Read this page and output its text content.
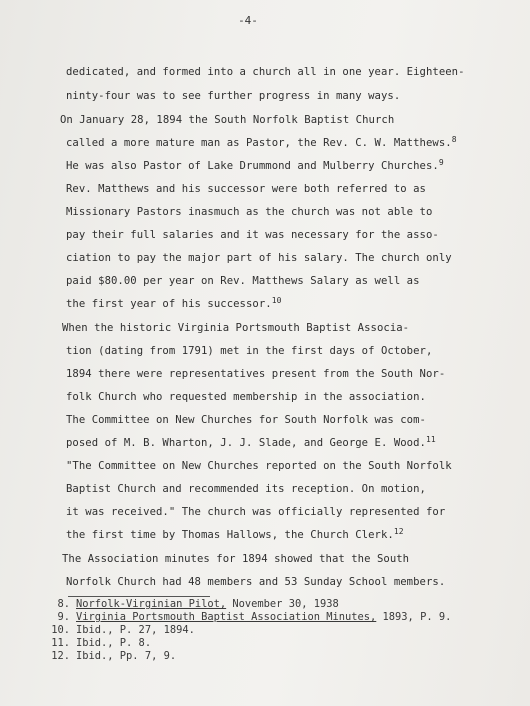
-4-
dedicated, and formed into a church all in one year. Eighteen-
ninty-four was to see further progress in many ways.
On January 28, 1894 the South Norfolk Baptist Church
called a more mature man as Pastor, the Rev. C. W. Matthews.$^8$
He was also Pastor of Lake Drummond and Mulberry Churches.$^9$
Rev. Matthews and his successor were both referred to as
Missionary Pastors inasmuch as the church was not able to
pay their full salaries and it was necessary for the asso-
ciation to pay the major part of his salary. The church only
paid $80.00 per year on Rev. Matthews Salary as well as
the first year of his successor.$^{10}$
When the historic Virginia Portsmouth Baptist Associa-
tion (dating from 1791) met in the first days of October,
1894 there were representatives present from the South Nor-
folk Church who requested membership in the association.
The Committee on New Churches for South Norfolk was com-
posed of M. B. Wharton, J. J. Slade, and George E. Wood.$^{11}$
"The Committee on New Churches reported on the South Norfolk
Baptist Church and recommended its reception. On motion,
it was received." The church was officially represented for
the first time by Thomas Hallows, the Church Clerk.$^{12}$
The Association minutes for 1894 showed that the South
Norfolk Church had 48 members and 53 Sunday School members.
8. Norfolk-Virginian Pilot, November 30, 1938
9. Virginia Portsmouth Baptist Association Minutes, 1893, P. 9.
10. Ibid., P. 27, 1894.
11. Ibid., P. 8.
12. Ibid., Pp. 7, 9.
